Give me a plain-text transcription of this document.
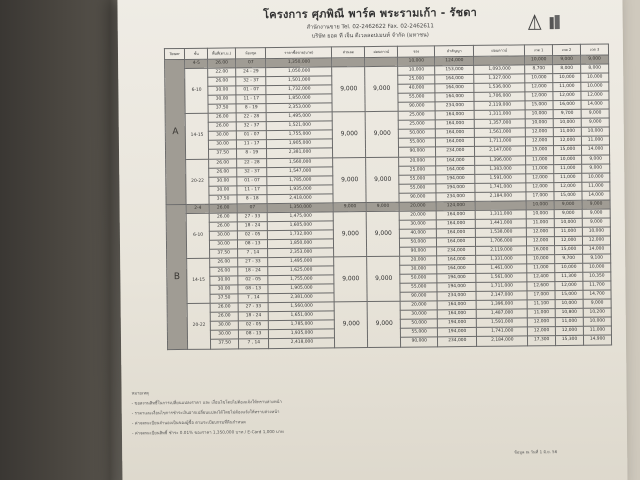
โครงการ ศุภพิณี พาร์ค พระรามเก้า - รัชดา
สำนักงานขาย Tel. 02-2462622 Fax. 02-2462611
บริษัท ยอด ที เจ็น ดีเวลลอปเมนท์ จำกัด (มหาชน)
Tower	ชั้น	พื้นที่(ตร.ม.)	ห้องชุด	ราคาซื้อขาย(บาท)	ส่วนลด	ผ่อนดาวน์	จอง	ทำสัญญา	ผ่อนดาวน์	งวด 1	งวด 2	งวด 3
A	4-5	26.00	07	1,350,000			10,000	124,000		10,000	9,000	9,000
	6-10	22.00	24 - 29	1,050,000	9,000	9,000	10,000	153,000	1,093,000	8,700	8,000	8,000
		26.00	32 - 37	1,501,000			25,000	164,000	1,327,000	10,000	10,000	10,000
		30.00	01 - 07	1,732,000			40,000	164,000	1,536,000	12,000	11,000	10,000
		30.00	11 - 17	1,850,000			55,000	164,000	1,706,000	12,000	12,000	12,000
		37.50	8 - 19	2,353,000			90,000	234,000	2,119,000	15,000	16,000	14,000
	14-15	26.00	22 - 28	1,495,000	9,000	9,000	25,000	164,000	1,311,000	10,000	9,700	9,000
		26.00	32 - 37	1,521,000			25,000	164,000	1,357,000	10,000	10,000	9,000
		30.00	01 - 07	1,755,000			50,000	164,000	1,561,000	12,000	11,000	10,000
		30.00	11 - 17	1,905,000			55,000	164,000	1,711,000	12,000	12,000	11,000
		37.50	8 - 19	2,381,000			90,000	234,000	2,147,000	15,000	15,000	14,000
	20-22	26.00	22 - 28	1,560,000	9,000	9,000	20,000	164,000	1,396,000	11,000	10,000	9,000
		26.00	32 - 37	1,547,000			25,000	164,000	1,383,000	11,000	11,000	9,000
		30.00	01 - 07	1,785,000			55,000	194,000	1,591,000	12,000	11,000	10,000
		30.00	11 - 17	1,935,000			55,000	194,000	1,741,000	12,000	12,000	11,000
		37.50	8 - 18	2,418,000			90,000	234,000	2,184,000	17,000	15,000	14,000
B	2-4	26.00	07	1,350,000	9,000	9,000	20,000	124,000		10,000	9,000	9,000
	6-10	26.00	27 - 33	1,475,000	9,000	9,000	20,000	164,000	1,311,000	10,000	9,000	9,000
		26.00	18 - 24	1,605,000			30,000	164,000	1,441,000	11,000	10,000	9,000
		30.00	02 - 05	1,732,000			40,000	164,000	1,538,000	12,000	11,000	10,000
		30.00	08 - 13	1,850,000			50,000	164,000	1,706,000	12,000	12,000	12,000
		37.50	7 , 14	2,353,000			90,000	234,000	2,119,000	16,000	15,000	14,000
	14-15	26.00	27 - 33	1,495,000	9,000	9,000	20,000	164,000	1,331,000	10,000	9,700	9,100
		26.00	18 - 24	1,625,000			30,000	164,000	1,461,000	11,000	10,000	10,000
		30.00	02 - 05	1,755,000			50,000	194,000	1,561,000	12,400	11,300	10,350
		30.00	08 - 13	1,905,000			55,000	194,000	1,711,000	12,600	12,000	11,700
		37.50	7 , 14	2,381,000			90,000	234,000	2,147,000	17,000	15,000	14,700
	20-22	26.00	27 - 33	1,560,000	9,000	9,000	20,000	164,000	1,396,000	11,100	10,000	9,000
		26.00	18 - 24	1,651,000			30,000	164,000	1,487,000	11,000	10,800	10,200
		30.00	02 - 05	1,785,000			50,000	194,000	1,591,000	12,000	11,000	10,000
		30.00	08 - 13	1,935,000			55,000	194,000	1,741,000	12,000	12,000	11,000
		37.50	7 , 14	2,418,000			90,000	234,000	2,184,000	17,300	15,300	14,900
หมายเหตุ
- ขอสงวนสิทธิ์ในการเปลี่ยนแปลงราคา และ เงื่อนไขโดยไม่ต้องแจ้งให้ทราบล่วงหน้า
- ราคาและเงื่อนไขการชำระเงินอาจเปลี่ยนแปลงได้โดยไม่ต้องแจ้งให้ทราบล่วงหน้า
- ค่าจดทะเบียนจำนองเป็นของผู้ซื้อ ตามระเบียบกรมที่ดินกำหนด
- ค่าจดทะเบียนสิทธิ์ ชำระ 0.01% ของราคา 1,350,000 บาท / E-Card 1,000 บาท
ข้อมูล ณ วันที่ 1 มิ.ย. 56
